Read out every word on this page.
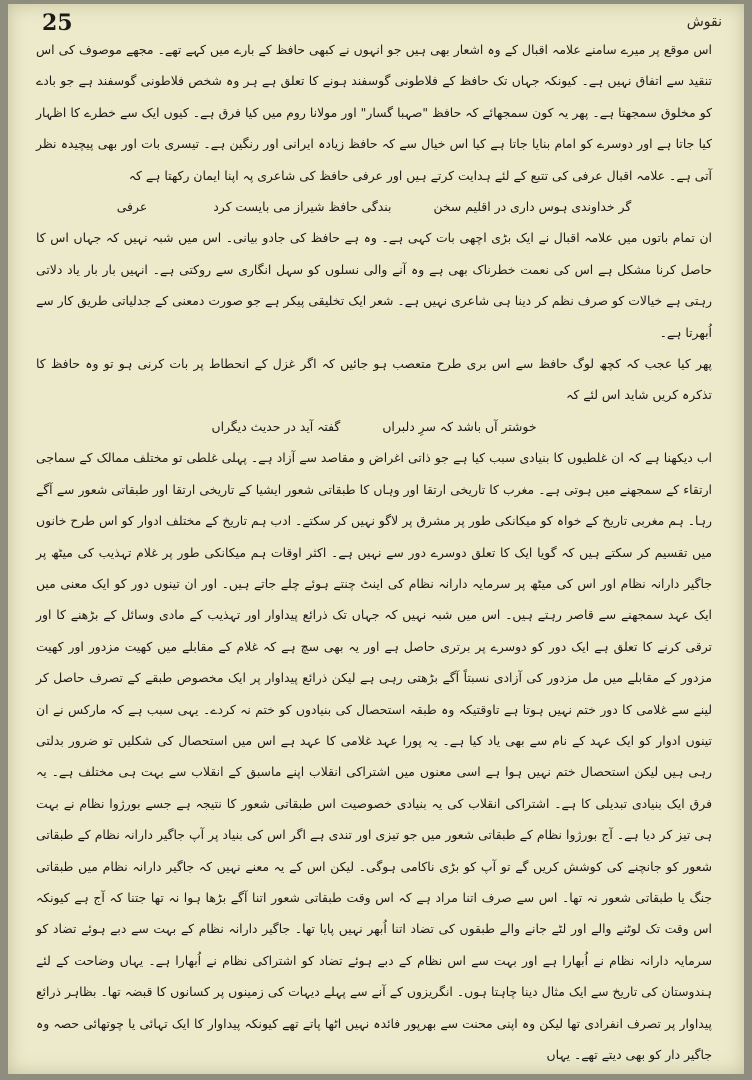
25	نقوش

اس موقع پر میرے سامنے علامہ اقبال کے وہ اشعار بھی ہیں جو انہوں نے کبھی حافظ کے بارے میں کہے تھے۔ مجھے موصوف کی اس تنقید سے اتفاق نہیں ہے۔ کیونکہ جہاں تک حافظ کے فلاطونی گوسفند ہونے کا تعلق ہے ہر وہ شخص فلاطونی گوسفند ہے جو بادے کو مخلوق سمجھتا ہے۔ پھر یہ کون سمجھائے کہ حافظ "صہبا گسار" اور مولانا روم میں کیا فرق ہے۔ کیوں ایک سے خطرے کا اظہار کیا جاتا ہے اور دوسرے کو امام بنایا جاتا ہے کیا اس خیال سے کہ حافظ زیادہ ایرانی اور رنگین ہے۔ تیسری بات اور بھی پیچیدہ نظر آتی ہے۔ علامہ اقبال عرفی کی تتبع کے لئے ہدایت کرتے ہیں اور عرفی حافظ کی شاعری پہ اپنا ایمان رکھتا ہے کہ

گر خداوندی ہوس داری در اقلیم سخن
بندگی حافظ شیراز می بایست کرد
عرفی

ان تمام باتوں میں علامہ اقبال نے ایک بڑی اچھی بات کہی ہے۔ وہ ہے حافظ کی جادو بیانی۔ اس میں شبہ نہیں کہ جہاں اس کا حاصل کرنا مشکل ہے اس کی نعمت خطرناک بھی ہے وہ آنے والی نسلوں کو سہل انگاری سے روکتی ہے۔ انہیں بار بار یاد دلاتی رہتی ہے خیالات کو صرف نظم کر دینا ہی شاعری نہیں ہے۔ شعر ایک تخلیقی پیکر ہے جو صورت دمعنی کے جدلیاتی طریق کار سے اُبھرتا ہے۔

پھر کیا عجب کہ کچھ لوگ حافظ سے اس بری طرح متعصب ہو جائیں کہ اگر غزل کے انحطاط پر بات کرنی ہو تو وہ حافظ کا تذکرہ کریں شاید اس لئے کہ

خوشتر آں باشد کہ سرِ دلبراں
گفتہ آید در حدیث دیگراں

اب دیکھنا ہے کہ ان غلطیوں کا بنیادی سبب کیا ہے جو ذاتی اغراض و مقاصد سے آزاد ہے۔ پہلی غلطی تو مختلف ممالک کے سماجی ارتقاء کے سمجھنے میں ہوتی ہے۔ مغرب کا تاریخی ارتقا اور وہاں کا طبقاتی شعور ایشیا کے تاریخی ارتقا اور طبقاتی شعور سے آگے رہا۔ ہم مغربی تاریخ کے خواہ کو میکانکی طور پر مشرق پر لاگو نہیں کر سکتے۔ ادب ہم تاریخ کے مختلف ادوار کو اس طرح خانوں میں تقسیم کر سکتے ہیں کہ گویا ایک کا تعلق دوسرے دور سے نہیں ہے۔ اکثر اوقات ہم میکانکی طور پر غلام تہذیب کی میٹھ پر جاگیر دارانہ نظام اور اس کی میٹھ پر سرمایہ دارانہ نظام کی اینٹ چنتے ہوئے چلے جاتے ہیں۔ اور ان تینوں دور کو ایک معنی میں ایک عہد سمجھنے سے قاصر رہتے ہیں۔ اس میں شبہ نہیں کہ جہاں تک ذرائع پیداوار اور تہذیب کے مادی وسائل کے بڑھنے کا اور ترقی کرنے کا تعلق ہے ایک دور کو دوسرے پر برتری حاصل ہے اور یہ بھی سچ ہے کہ غلام کے مقابلے میں کھیت مزدور اور کھیت مزدور کے مقابلے میں مل مزدور کی آزادی نسبتاً آگے بڑھتی رہی ہے لیکن ذرائع پیداوار پر ایک مخصوص طبقے کے تصرف حاصل کر لینے سے غلامی کا دور ختم نہیں ہوتا ہے تاوقتیکہ وہ طبقہ استحصال کی بنیادوں کو ختم نہ کردے۔ یہی سبب ہے کہ مارکس نے ان تینوں ادوار کو ایک عہد کے نام سے بھی یاد کیا ہے۔ یہ پورا عہد غلامی کا عہد ہے اس میں استحصال کی شکلیں تو ضرور بدلتی رہی ہیں لیکن استحصال ختم نہیں ہوا ہے اسی معنوں میں اشتراکی انقلاب اپنے ماسبق کے انقلاب سے بہت ہی مختلف ہے۔ یہ فرق ایک بنیادی تبدیلی کا ہے۔ اشتراکی انقلاب کی یہ بنیادی خصوصیت اس طبقاتی شعور کا نتیجہ ہے جسے بورژوا نظام نے بہت ہی تیز کر دیا ہے۔ آج بورژوا نظام کے طبقاتی شعور میں جو تیزی اور تندی ہے اگر اس کی بنیاد پر آپ جاگیر دارانہ نظام کے طبقاتی شعور کو جانچنے کی کوشش کریں گے تو آپ کو بڑی ناکامی ہوگی۔ لیکن اس کے یہ معنے نہیں کہ جاگیر دارانہ نظام میں طبقاتی جنگ یا طبقاتی شعور نہ تھا۔ اس سے صرف اتنا مراد ہے کہ اس وقت طبقاتی شعور اتنا آگے بڑھا ہوا نہ تھا جتنا کہ آج ہے کیونکہ اس وقت تک لوٹنے والے اور لٹے جانے والے طبقوں کی تضاد اتنا اُبھر نہیں پایا تھا۔ جاگیر دارانہ نظام کے بہت سے دبے ہوئے تضاد کو سرمایہ دارانہ نظام نے اُبھارا ہے اور بہت سے اس نظام کے دبے ہوئے تضاد کو اشتراکی نظام نے اُبھارا ہے۔ یہاں وضاحت کے لئے ہندوستان کی تاریخ سے ایک مثال دینا چاہتا ہوں۔ انگریزوں کے آنے سے پہلے دیہات کی زمینوں پر کسانوں کا قبضہ تھا۔ بظاہر ذرائع پیداوار پر تصرف انفرادی تھا لیکن وہ اپنی محنت سے بھرپور فائدہ نہیں اٹھا پاتے تھے کیونکہ پیداوار کا ایک تہائی یا چوتھائی حصہ وہ جاگیر دار کو بھی دیتے تھے۔ یہاں
